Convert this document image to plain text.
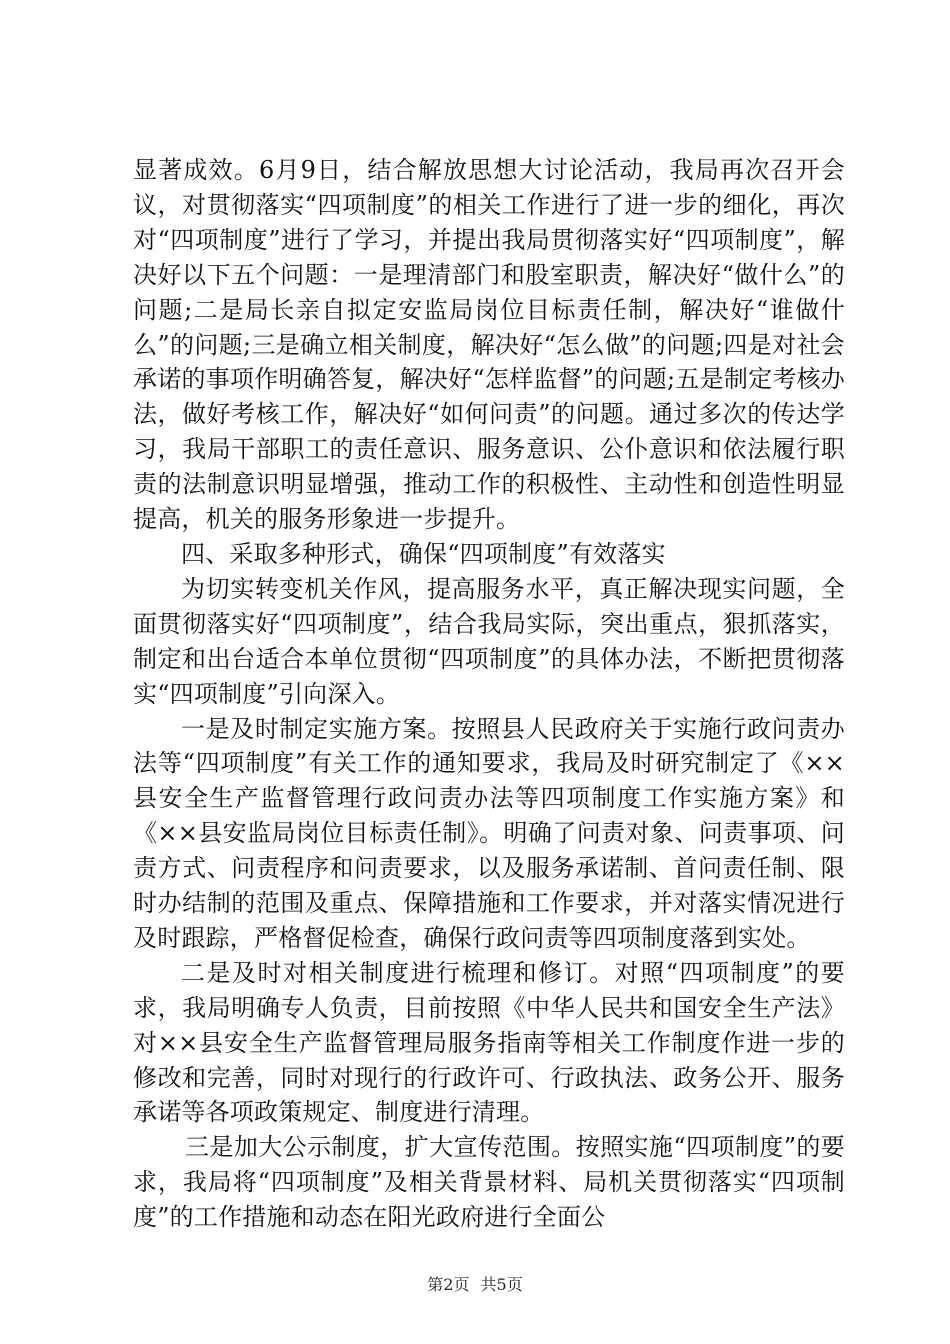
显著成效。6月9日，结合解放思想大讨论活动，我局再次召开会议，对贯彻落实“四项制度”的相关工作进行了进一步的细化，再次对“四项制度”进行了学习，并提出我局贯彻落实好“四项制度”，解决好以下五个问题：一是理清部门和股室职责，解决好“做什么”的问题;二是局长亲自拟定安监局岗位目标责任制，解决好“谁做什么”的问题;三是确立相关制度，解决好“怎么做”的问题;四是对社会承诺的事项作明确答复，解决好“怎样监督”的问题;五是制定考核办法，做好考核工作，解决好“如何问责”的问题。通过多次的传达学习，我局干部职工的责任意识、服务意识、公仆意识和依法履行职责的法制意识明显增强，推动工作的积极性、主动性和创造性明显提高，机关的服务形象进一步提升。

四、采取多种形式，确保“四项制度”有效落实

为切实转变机关作风，提高服务水平，真正解决现实问题，全面贯彻落实好“四项制度”，结合我局实际，突出重点，狠抓落实，制定和出台适合本单位贯彻“四项制度”的具体办法，不断把贯彻落实“四项制度”引向深入。

一是及时制定实施方案。按照县人民政府关于实施行政问责办法等“四项制度”有关工作的通知要求，我局及时研究制定了《××县安全生产监督管理行政问责办法等四项制度工作实施方案》和《××县安监局岗位目标责任制》。明确了问责对象、问责事项、问责方式、问责程序和问责要求，以及服务承诺制、首问责任制、限时办结制的范围及重点、保障措施和工作要求，并对落实情况进行及时跟踪，严格督促检查，确保行政问责等四项制度落到实处。

二是及时对相关制度进行梳理和修订。对照“四项制度”的要求，我局明确专人负责，目前按照《中华人民共和国安全生产法》对××县安全生产监督管理局服务指南等相关工作制度作进一步的修改和完善，同时对现行的行政许可、行政执法、政务公开、服务承诺等各项政策规定、制度进行清理。

三是加大公示制度，扩大宣传范围。按照实施“四项制度”的要求，我局将“四项制度”及相关背景材料、局机关贯彻落实“四项制度”的工作措施和动态在阳光政府进行全面公

第2页 共5页
